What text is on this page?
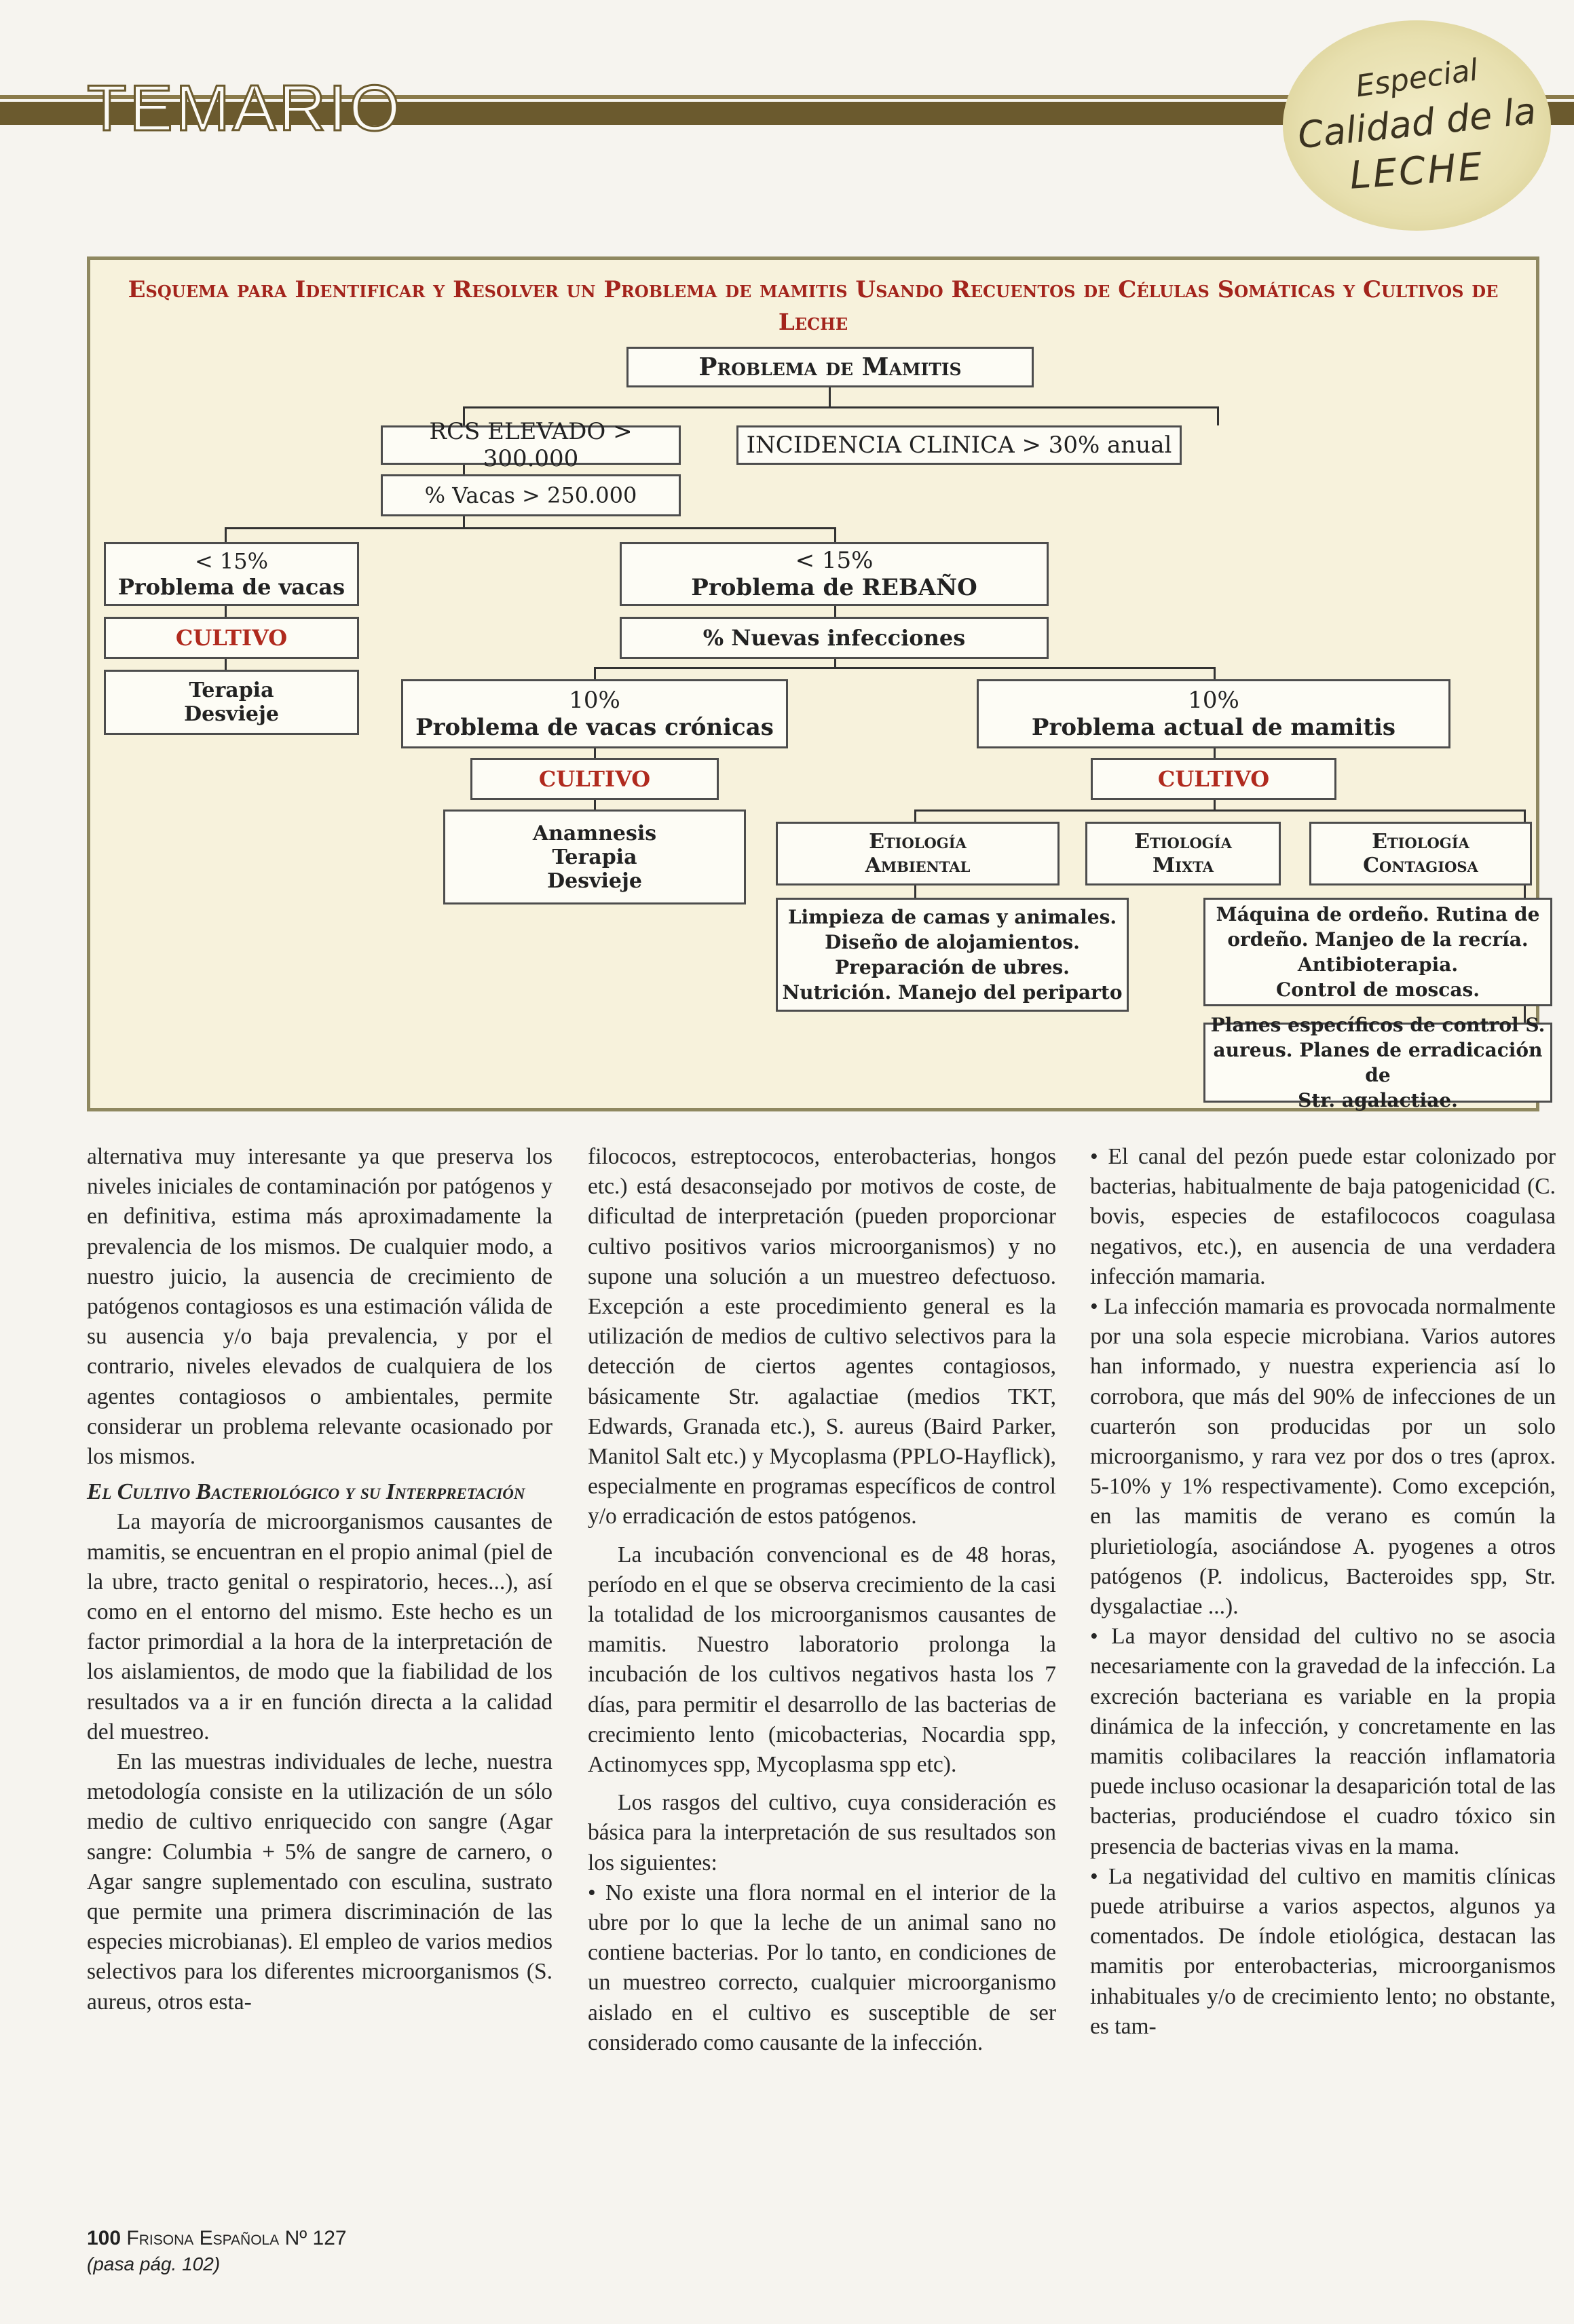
TEMARIO	Especial
Calidad de la
LECHE
Esquema para Identificar y Resolver un Problema de mamitis Usando Recuentos de Células Somáticas y Cultivos de Leche
Problema de Mamitis
RCS ELEVADO > 300.000	INCIDENCIA CLINICA > 30% anual
% Vacas > 250.000
< 15%
Problema de vacas
CULTIVO
Terapia
Desvieje
< 15%
Problema de REBAÑO
% Nuevas infecciones
10%
Problema de vacas crónicas
CULTIVO
Anamnesis
Terapia
Desvieje
10%
Problema actual de mamitis
CULTIVO
Etiología
Ambiental
Etiología
Mixta
Etiología
Contagiosa
Limpieza de camas y animales.
Diseño de alojamientos.
Preparación de ubres.
Nutrición. Manejo del periparto
Máquina de ordeño. Rutina de
ordeño. Manjeo de la recría.
Antibioterapia.
Control de moscas.
Planes específicos de control S.
aureus. Planes de erradicación de
Str. agalactiae.

alternativa muy interesante ya que preserva los niveles iniciales de contaminación por patógenos y en definitiva, estima más aproximadamente la prevalencia de los mismos. De cualquier modo, a nuestro juicio, la ausencia de crecimiento de patógenos contagiosos es una estimación válida de su ausencia y/o baja prevalencia, y por el contrario, niveles elevados de cualquiera de los agentes contagiosos o ambientales, permite considerar un problema relevante ocasionado por los mismos.

El Cultivo Bacteriológico y su Interpretación

La mayoría de microorganismos causantes de mamitis, se encuentran en el propio animal (piel de la ubre, tracto genital o respiratorio, heces...), así como en el entorno del mismo. Este hecho es un factor primordial a la hora de la interpretación de los aislamientos, de modo que la fiabilidad de los resultados va a ir en función directa a la calidad del muestreo.

En las muestras individuales de leche, nuestra metodología consiste en la utilización de un sólo medio de cultivo enriquecido con sangre (Agar sangre: Columbia + 5% de sangre de carnero, o Agar sangre suplementado con esculina, sustrato que permite una primera discriminación de las especies microbianas). El empleo de varios medios selectivos para los diferentes microorganismos (S. aureus, otros esta-

filococos, estreptococos, enterobacterias, hongos etc.) está desaconsejado por motivos de coste, de dificultad de interpretación (pueden proporcionar cultivo positivos varios microorganismos) y no supone una solución a un muestreo defectuoso. Excepción a este procedimiento general es la utilización de medios de cultivo selectivos para la detección de ciertos agentes contagiosos, básicamente Str. agalactiae (medios TKT, Edwards, Granada etc.), S. aureus (Baird Parker, Manitol Salt etc.) y Mycoplasma (PPLO-Hayflick), especialmente en programas específicos de control y/o erradicación de estos patógenos.

La incubación convencional es de 48 horas, período en el que se observa crecimiento de la casi la totalidad de los microorganismos causantes de mamitis. Nuestro laboratorio prolonga la incubación de los cultivos negativos hasta los 7 días, para permitir el desarrollo de las bacterias de crecimiento lento (micobacterias, Nocardia spp, Actinomyces spp, Mycoplasma spp etc).

Los rasgos del cultivo, cuya consideración es básica para la interpretación de sus resultados son los siguientes:

• No existe una flora normal en el interior de la ubre por lo que la leche de un animal sano no contiene bacterias. Por lo tanto, en condiciones de un muestreo correcto, cualquier microorganismo aislado en el cultivo es susceptible de ser considerado como causante de la infección.

• El canal del pezón puede estar colonizado por bacterias, habitualmente de baja patogenicidad (C. bovis, especies de estafilococos coagulasa negativos, etc.), en ausencia de una verdadera infección mamaria.

• La infección mamaria es provocada normalmente por una sola especie microbiana. Varios autores han informado, y nuestra experiencia así lo corrobora, que más del 90% de infecciones de un cuarterón son producidas por un solo microorganismo, y rara vez por dos o tres (aprox. 5-10% y 1% respectivamente). Como excepción, en las mamitis de verano es común la plurietiología, asociándose A. pyogenes a otros patógenos (P. indolicus, Bacteroides spp, Str. dysgalactiae ...).

• La mayor densidad del cultivo no se asocia necesariamente con la gravedad de la infección. La excreción bacteriana es variable en la propia dinámica de la infección, y concretamente en las mamitis colibacilares la reacción inflamatoria puede incluso ocasionar la desaparición total de las bacterias, produciéndose el cuadro tóxico sin presencia de bacterias vivas en la mama.

• La negatividad del cultivo en mamitis clínicas puede atribuirse a varios aspectos, algunos ya comentados. De índole etiológica, destacan las mamitis por enterobacterias, microorganismos inhabituales y/o de crecimiento lento; no obstante, es tam-

100 Frisona Española Nº 127
(pasa pág. 102)
